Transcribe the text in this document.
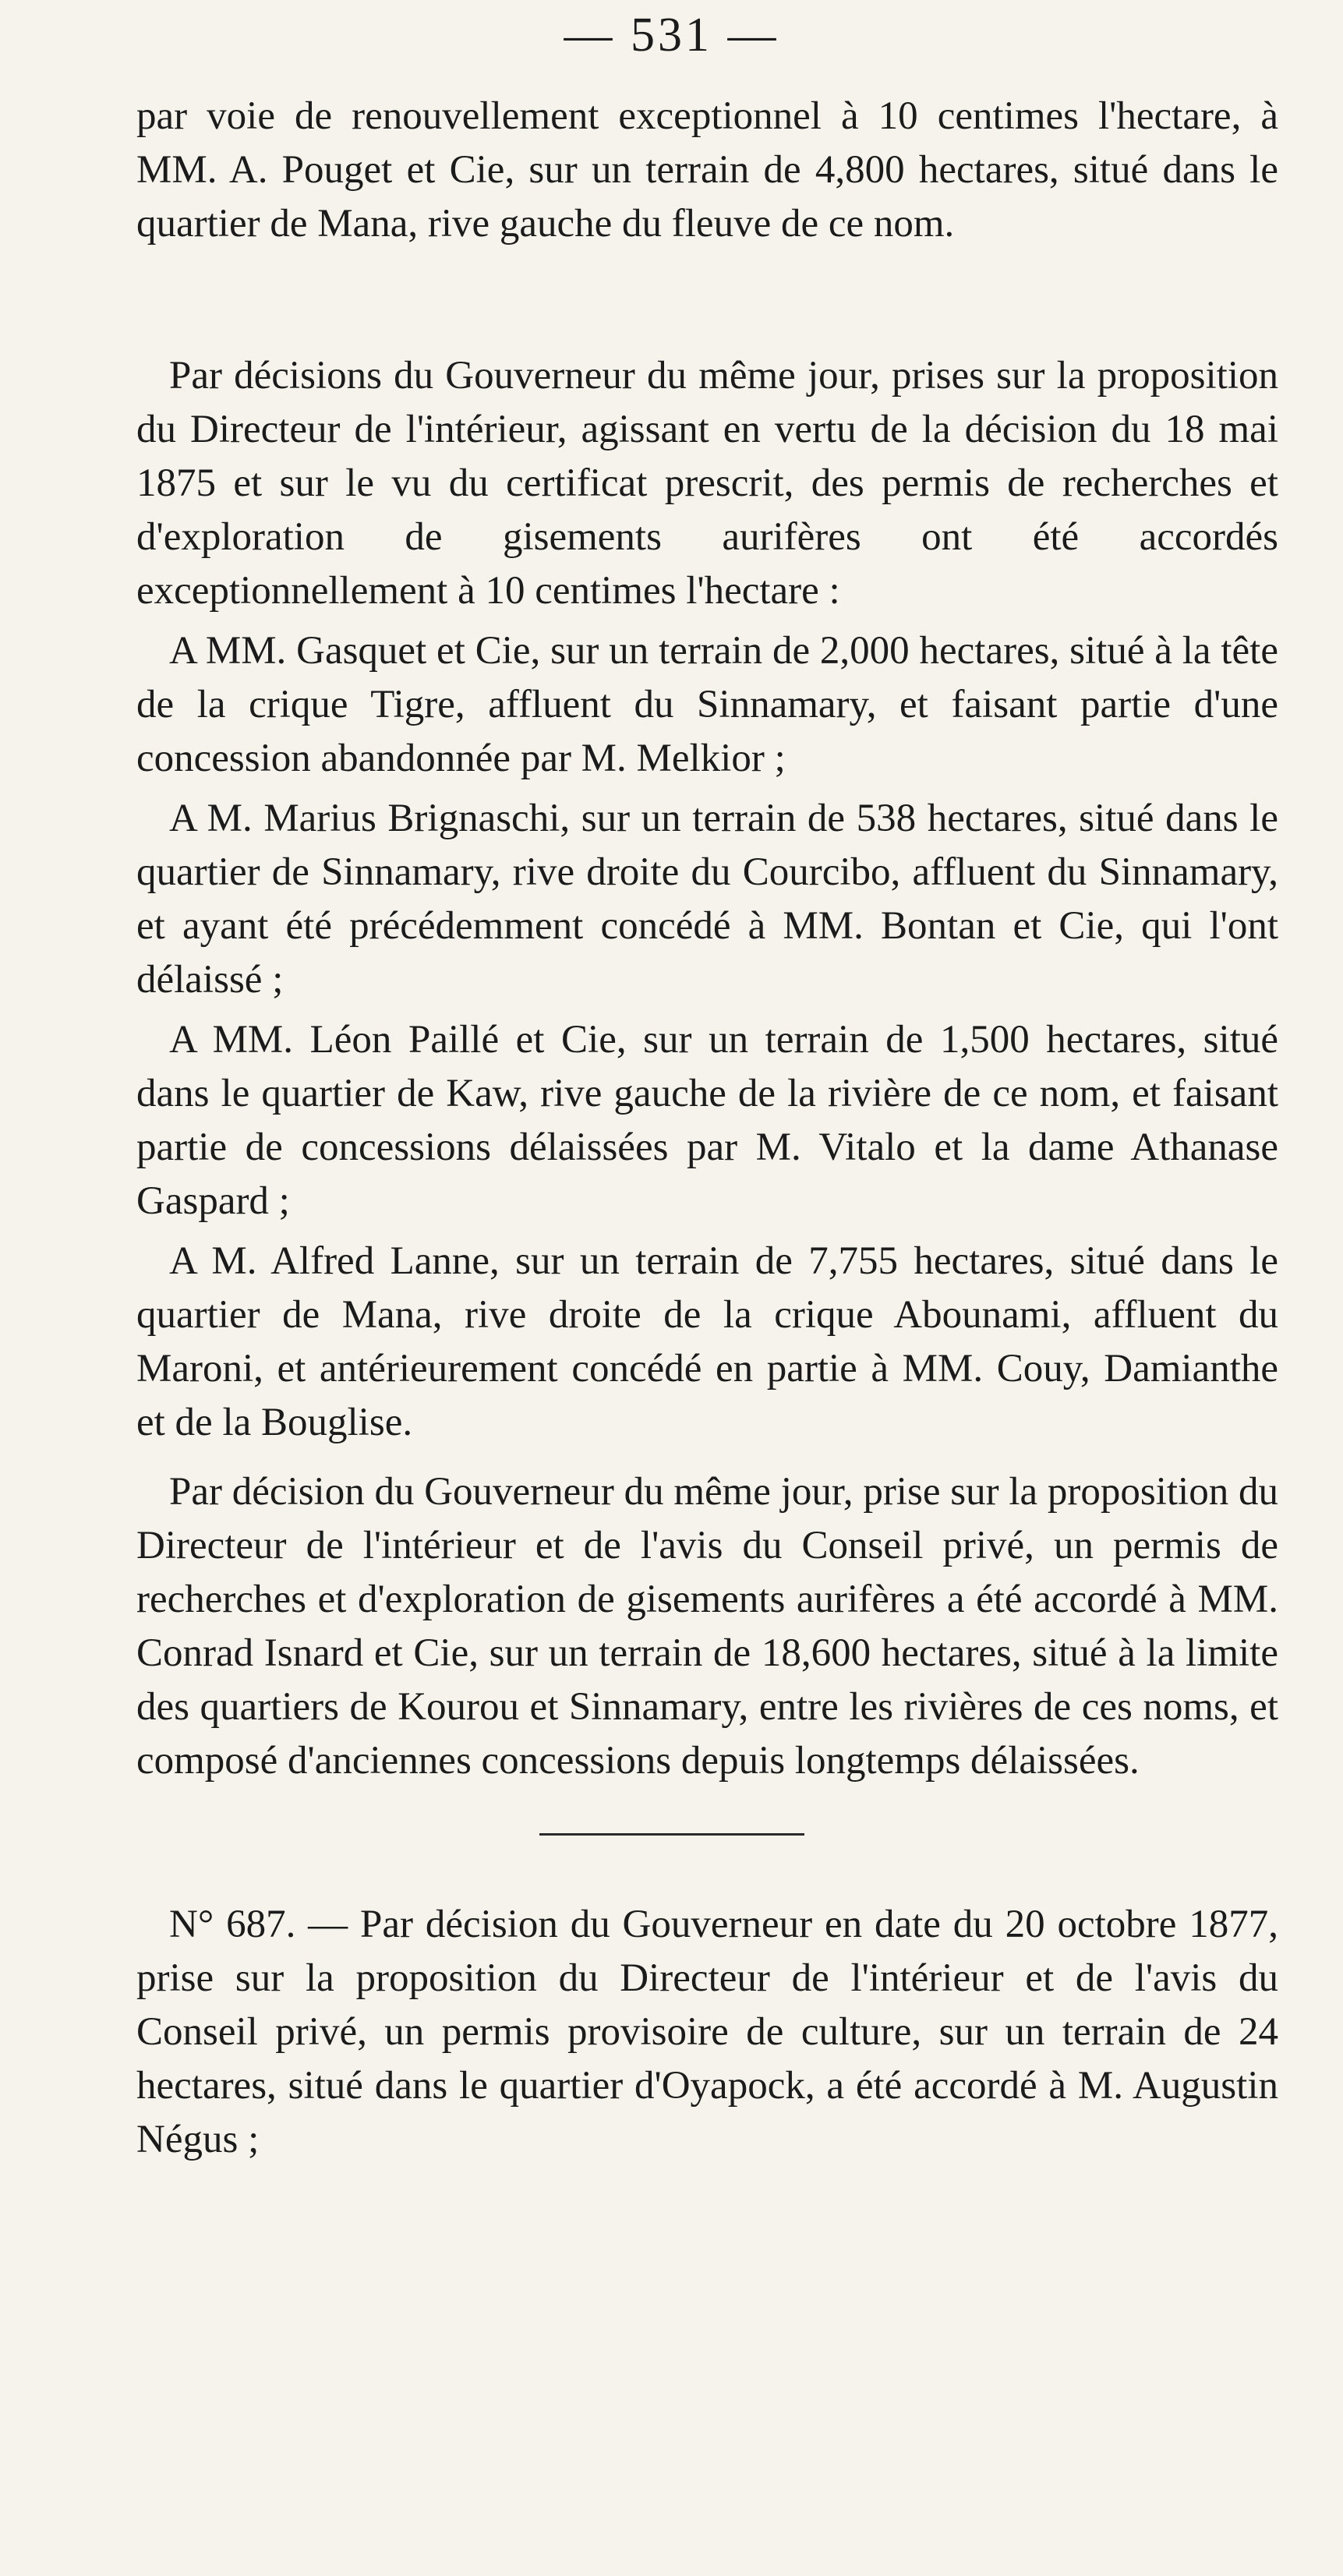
— 531 —

par voie de renouvellement exceptionnel à 10 centimes l'hectare, à MM. A. Pouget et Cie, sur un terrain de 4,800 hectares, situé dans le quartier de Mana, rive gauche du fleuve de ce nom.

Par décisions du Gouverneur du même jour, prises sur la proposition du Directeur de l'intérieur, agissant en vertu de la décision du 18 mai 1875 et sur le vu du certificat prescrit, des permis de recherches et d'exploration de gisements aurifères ont été accordés exceptionnellement à 10 centimes l'hectare :

A MM. Gasquet et Cie, sur un terrain de 2,000 hectares, situé à la tête de la crique Tigre, affluent du Sinnamary, et faisant partie d'une concession abandonnée par M. Melkior ;

A M. Marius Brignaschi, sur un terrain de 538 hectares, situé dans le quartier de Sinnamary, rive droite du Courcibo, affluent du Sinnamary, et ayant été précédemment concédé à MM. Bontan et Cie, qui l'ont délaissé ;

A MM. Léon Paillé et Cie, sur un terrain de 1,500 hectares, situé dans le quartier de Kaw, rive gauche de la rivière de ce nom, et faisant partie de concessions délaissées par M. Vitalo et la dame Athanase Gaspard ;

A M. Alfred Lanne, sur un terrain de 7,755 hectares, situé dans le quartier de Mana, rive droite de la crique Abounami, affluent du Maroni, et antérieurement concédé en partie à MM. Couy, Damianthe et de la Bouglise.

Par décision du Gouverneur du même jour, prise sur la proposition du Directeur de l'intérieur et de l'avis du Conseil privé, un permis de recherches et d'exploration de gisements aurifères a été accordé à MM. Conrad Isnard et Cie, sur un terrain de 18,600 hectares, situé à la limite des quartiers de Kourou et Sinnamary, entre les rivières de ces noms, et composé d'anciennes concessions depuis longtemps délaissées.

N° 687. — Par décision du Gouverneur en date du 20 octobre 1877, prise sur la proposition du Directeur de l'intérieur et de l'avis du Conseil privé, un permis provisoire de culture, sur un terrain de 24 hectares, situé dans le quartier d'Oyapock, a été accordé à M. Augustin Négus ;
